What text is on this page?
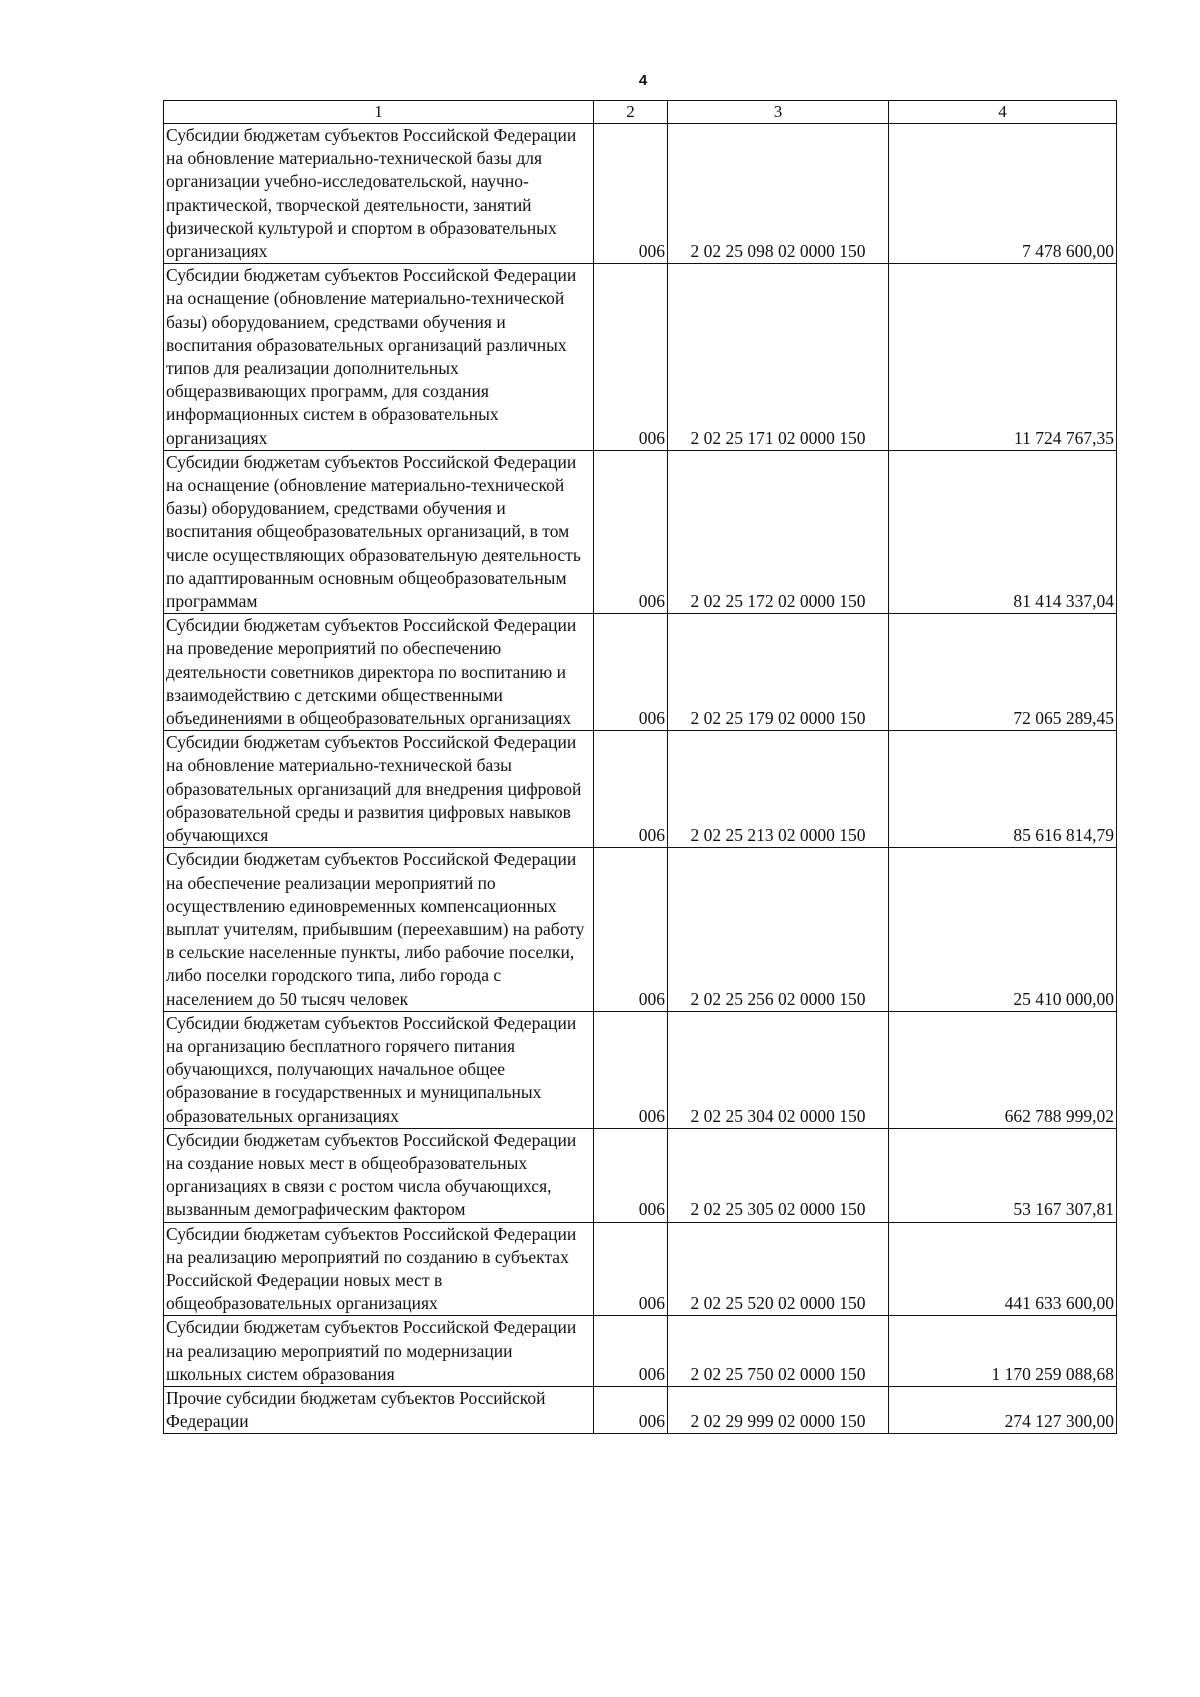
4
1	2	3	4
Субсидии бюджетам субъектов Российской Федерации на обновление материально-технической базы для организации учебно-исследовательской, научно-практической, творческой деятельности, занятий физической культурой и спортом в образовательных организациях	006	2 02 25 098 02 0000 150	7 478 600,00
Субсидии бюджетам субъектов Российской Федерации на оснащение (обновление материально-технической базы) оборудованием, средствами обучения и воспитания образовательных организаций различных типов для реализации дополнительных общеразвивающих программ, для создания информационных систем в образовательных организациях	006	2 02 25 171 02 0000 150	11 724 767,35
Субсидии бюджетам субъектов Российской Федерации на оснащение (обновление материально-технической базы) оборудованием, средствами обучения и воспитания общеобразовательных организаций, в том числе осуществляющих образовательную деятельность по адаптированным основным общеобразовательным программам	006	2 02 25 172 02 0000 150	81 414 337,04
Субсидии бюджетам субъектов Российской Федерации на проведение мероприятий по обеспечению деятельности советников директора по воспитанию и взаимодействию с детскими общественными объединениями в общеобразовательных организациях	006	2 02 25 179 02 0000 150	72 065 289,45
Субсидии бюджетам субъектов Российской Федерации на обновление материально-технической базы образовательных организаций для внедрения цифровой образовательной среды и развития цифровых навыков обучающихся	006	2 02 25 213 02 0000 150	85 616 814,79
Субсидии бюджетам субъектов Российской Федерации на обеспечение реализации мероприятий по осуществлению единовременных компенсационных выплат учителям, прибывшим (переехавшим) на работу в сельские населенные пункты, либо рабочие поселки, либо поселки городского типа, либо города с населением до 50 тысяч человек	006	2 02 25 256 02 0000 150	25 410 000,00
Субсидии бюджетам субъектов Российской Федерации на организацию бесплатного горячего питания обучающихся, получающих начальное общее образование в государственных и муниципальных образовательных организациях	006	2 02 25 304 02 0000 150	662 788 999,02
Субсидии бюджетам субъектов Российской Федерации на создание новых мест в общеобразовательных организациях в связи с ростом числа обучающихся, вызванным демографическим фактором	006	2 02 25 305 02 0000 150	53 167 307,81
Субсидии бюджетам субъектов Российской Федерации на реализацию мероприятий по созданию в субъектах Российской Федерации новых мест в общеобразовательных организациях	006	2 02 25 520 02 0000 150	441 633 600,00
Субсидии бюджетам субъектов Российской Федерации на реализацию мероприятий по модернизации школьных систем образования	006	2 02 25 750 02 0000 150	1 170 259 088,68
Прочие субсидии бюджетам субъектов Российской Федерации	006	2 02 29 999 02 0000 150	274 127 300,00
